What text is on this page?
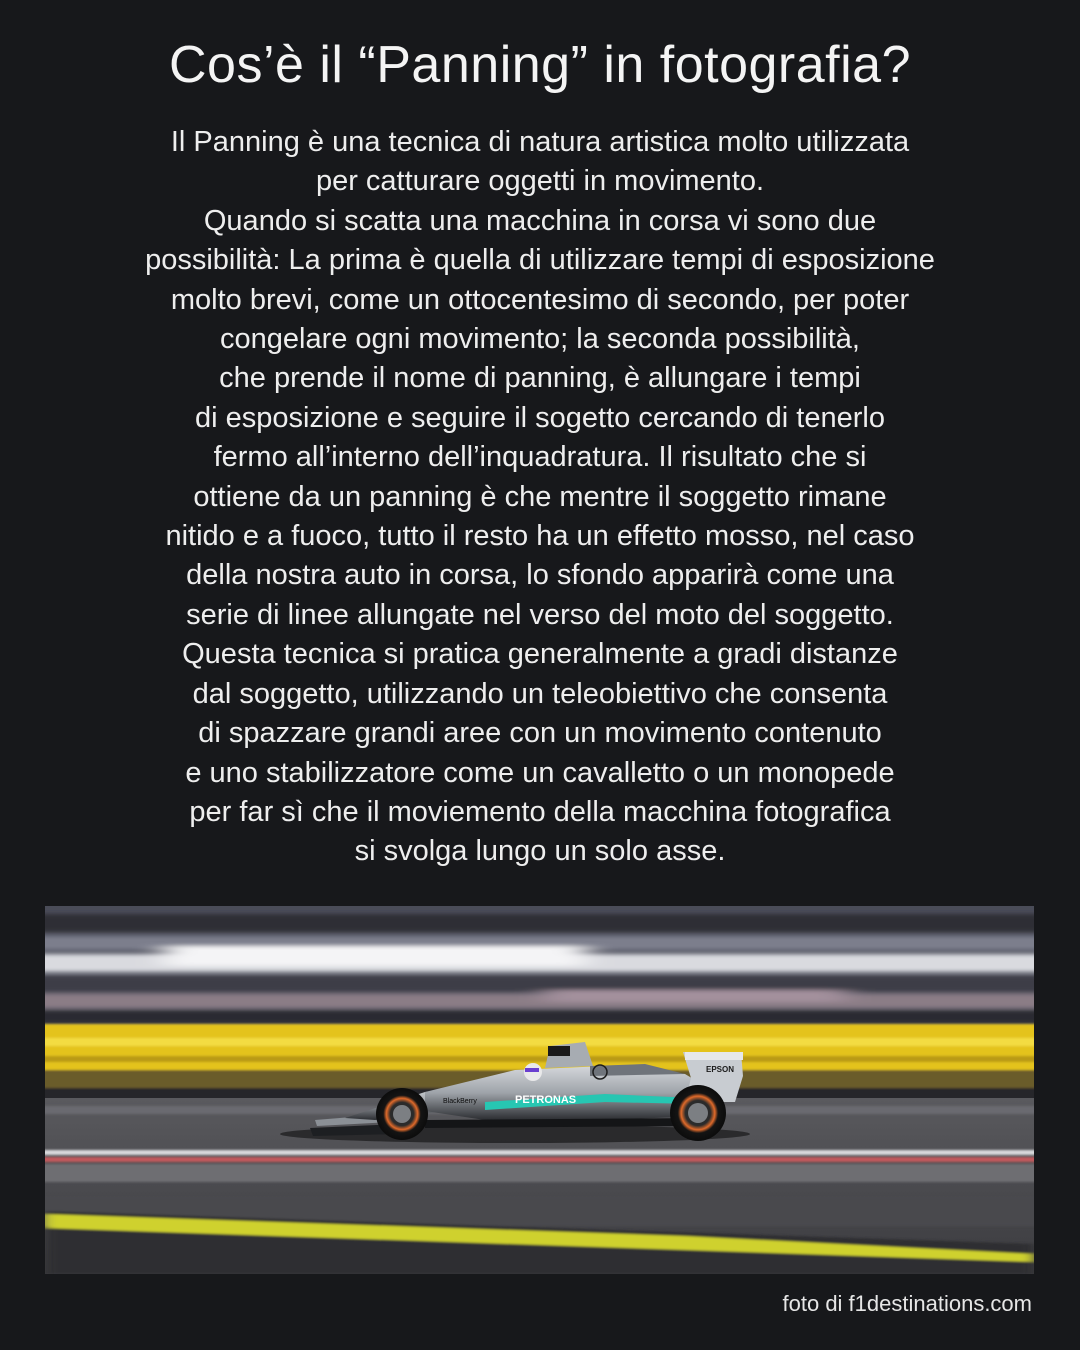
Cos’è il “Panning” in fotografia?
Il Panning è una tecnica di natura artistica molto utilizzata
per catturare oggetti in movimento.
Quando si scatta una macchina in corsa vi sono due
possibilità: La prima è quella di utilizzare tempi di esposizione
molto brevi, come un ottocentesimo di secondo, per poter
congelare ogni movimento; la seconda possibilità,
che prende il nome di panning, è allungare i tempi
di esposizione e seguire il sogetto cercando di tenerlo
fermo all’interno dell’inquadratura. Il risultato che si
ottiene da un panning è che mentre il soggetto rimane
nitido e a fuoco, tutto il resto ha un effetto mosso, nel caso
della nostra auto in corsa, lo sfondo apparirà come una
serie di linee allungate nel verso del moto del soggetto.
Questa tecnica si pratica generalmente a gradi distanze
dal soggetto, utilizzando un teleobiettivo che consenta
di spazzare grandi aree con un movimento contenuto
e uno stabilizzatore come un cavalletto o un monopede
per far sì che il moviemento della macchina fotografica
si svolga lungo un solo asse.
PETRONAS
BlackBerry
EPSON
foto di f1destinations.com
